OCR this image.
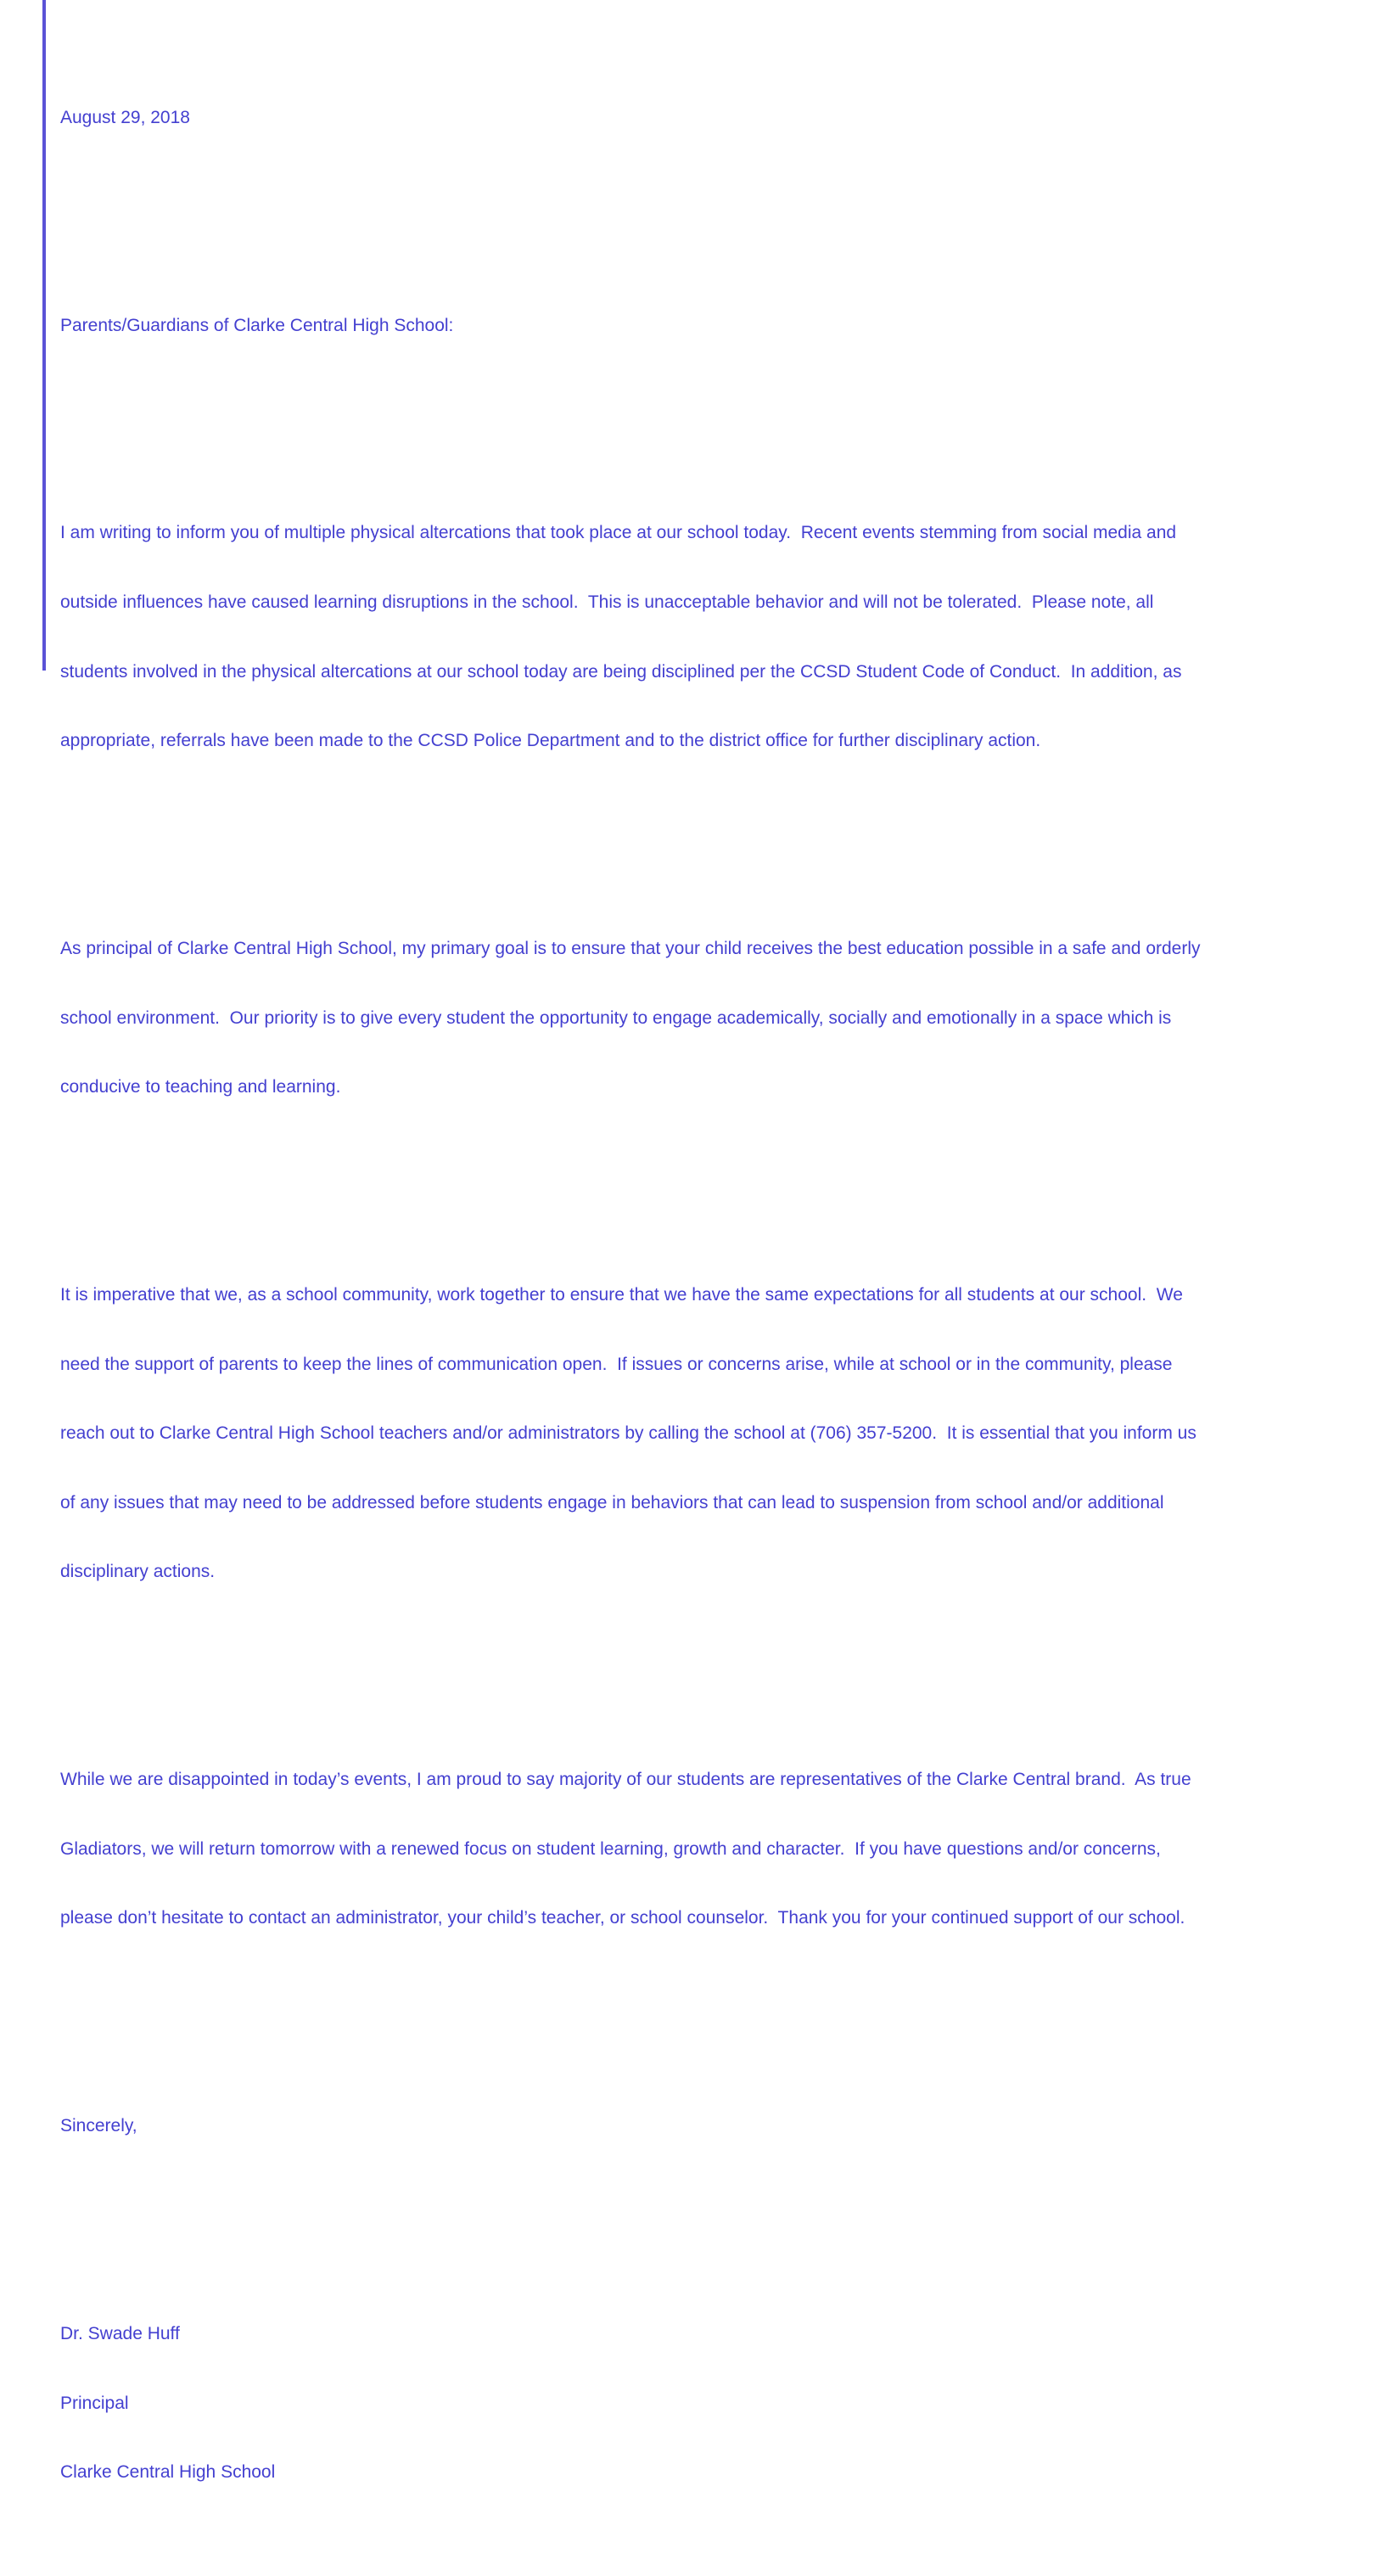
August 29, 2018

Parents/Guardians of Clarke Central High School:

I am writing to inform you of multiple physical altercations that took place at our school today.  Recent events stemming from social media and

outside influences have caused learning disruptions in the school.  This is unacceptable behavior and will not be tolerated.  Please note, all

students involved in the physical altercations at our school today are being disciplined per the CCSD Student Code of Conduct.  In addition, as

appropriate, referrals have been made to the CCSD Police Department and to the district office for further disciplinary action.

As principal of Clarke Central High School, my primary goal is to ensure that your child receives the best education possible in a safe and orderly

school environment.  Our priority is to give every student the opportunity to engage academically, socially and emotionally in a space which is

conducive to teaching and learning.

It is imperative that we, as a school community, work together to ensure that we have the same expectations for all students at our school.  We

need the support of parents to keep the lines of communication open.  If issues or concerns arise, while at school or in the community, please

reach out to Clarke Central High School teachers and/or administrators by calling the school at (706) 357-5200.  It is essential that you inform us

of any issues that may need to be addressed before students engage in behaviors that can lead to suspension from school and/or additional

disciplinary actions.

While we are disappointed in today’s events, I am proud to say majority of our students are representatives of the Clarke Central brand.  As true

Gladiators, we will return tomorrow with a renewed focus on student learning, growth and character.  If you have questions and/or concerns,

please don’t hesitate to contact an administrator, your child’s teacher, or school counselor.  Thank you for your continued support of our school.

Sincerely,

Dr. Swade Huff

Principal

Clarke Central High School
